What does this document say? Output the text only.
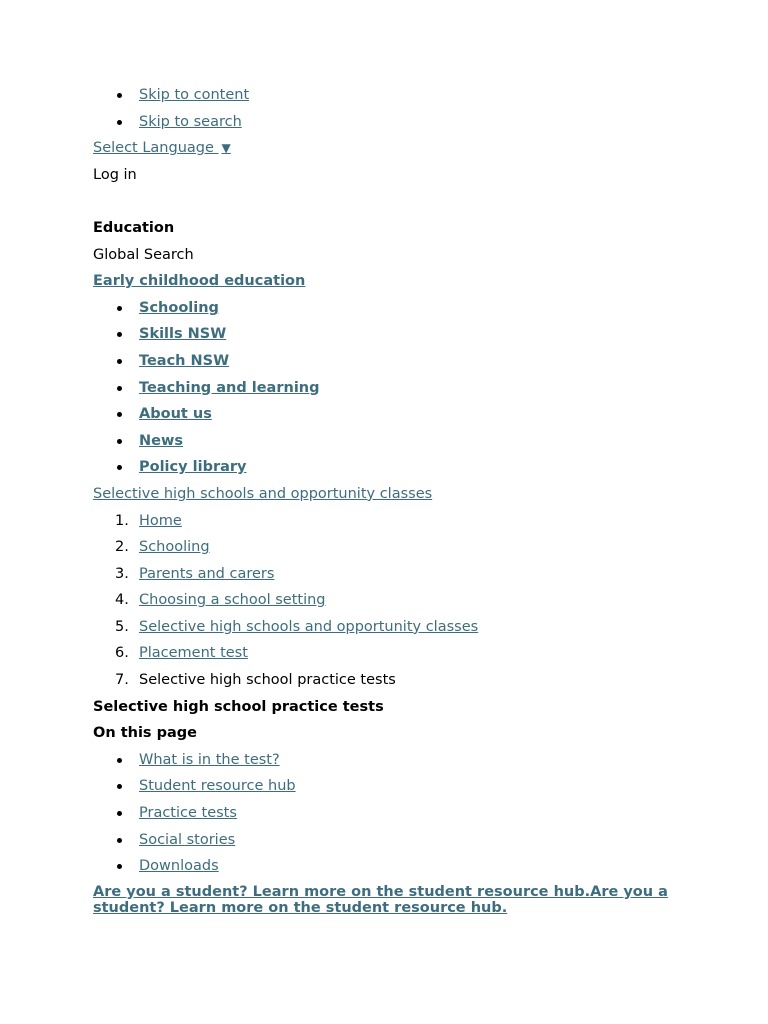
Skip to content
Skip to search
Select Language ▼
Log in
Education
Global Search
Early childhood education
Schooling
Skills NSW
Teach NSW
Teaching and learning
About us
News
Policy library
Selective high schools and opportunity classes
1. Home
2. Schooling
3. Parents and carers
4. Choosing a school setting
5. Selective high schools and opportunity classes
6. Placement test
7. Selective high school practice tests
Selective high school practice tests
On this page
What is in the test?
Student resource hub
Practice tests
Social stories
Downloads
Are you a student? Learn more on the student resource hub.Are you a student? Learn more on the student resource hub.
